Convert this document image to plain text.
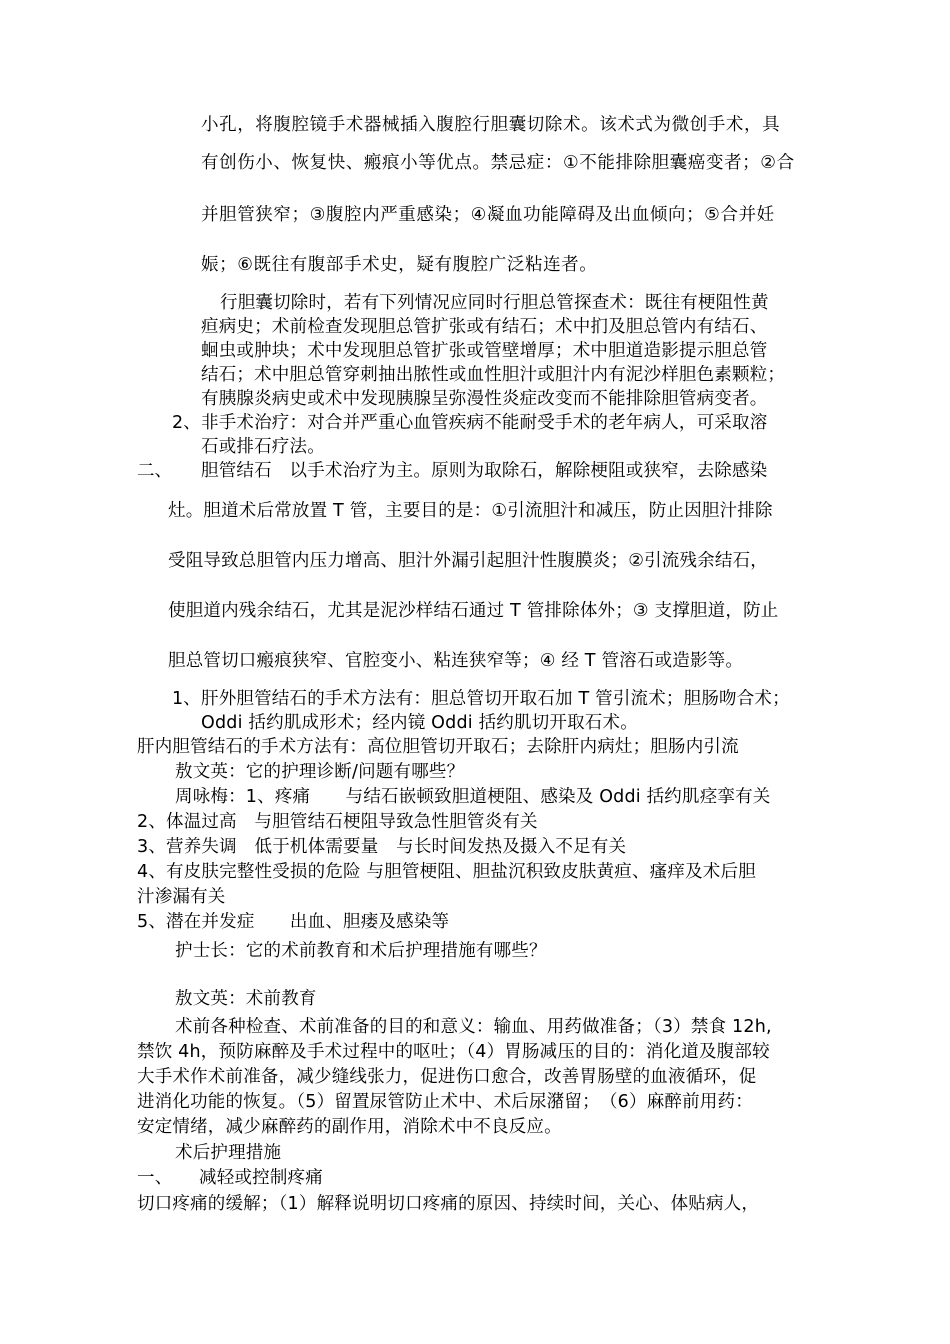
小孔，将腹腔镜手术器械插入腹腔行胆囊切除术。该术式为微创手术，具
有创伤小、恢复快、瘢痕小等优点。禁忌症：①不能排除胆囊癌变者；②合
并胆管狭窄；③腹腔内严重感染；④凝血功能障碍及出血倾向；⑤合并妊
娠；⑥既往有腹部手术史，疑有腹腔广泛粘连者。
行胆囊切除时，若有下列情况应同时行胆总管探查术：既往有梗阻性黄
疸病史；术前检查发现胆总管扩张或有结石；术中扪及胆总管内有结石、
蛔虫或肿块；术中发现胆总管扩张或管壁增厚；术中胆道造影提示胆总管
结石；术中胆总管穿刺抽出脓性或血性胆汁或胆汁内有泥沙样胆色素颗粒；
有胰腺炎病史或术中发现胰腺呈弥漫性炎症改变而不能排除胆管病变者。
2、 非手术治疗：对合并严重心血管疾病不能耐受手术的老年病人，可采取溶
石或排石疗法。
二、 胆管结石　以手术治疗为主。原则为取除石，解除梗阻或狭窄，去除感染
灶。胆道术后常放置 T 管，主要目的是：①引流胆汁和减压，防止因胆汁排除
受阻导致总胆管内压力增高、胆汁外漏引起胆汁性腹膜炎；②引流残余结石，
使胆道内残余结石，尤其是泥沙样结石通过 T 管排除体外；③ 支撑胆道，防止
胆总管切口瘢痕狭窄、官腔变小、粘连狭窄等；④ 经 T 管溶石或造影等。
1、 肝外胆管结石的手术方法有：胆总管切开取石加 T 管引流术；胆肠吻合术；
Oddi 括约肌成形术；经内镜 Oddi 括约肌切开取石术。
肝内胆管结石的手术方法有：高位胆管切开取石；去除肝内病灶；胆肠内引流
敖文英：它的护理诊断/问题有哪些？
周咏梅：1、疼痛　　与结石嵌顿致胆道梗阻、感染及 Oddi 括约肌痉挛有关
2、体温过高　与胆管结石梗阻导致急性胆管炎有关
3、营养失调　低于机体需要量　与长时间发热及摄入不足有关
4、有皮肤完整性受损的危险 与胆管梗阻、胆盐沉积致皮肤黄疸、瘙痒及术后胆
汁渗漏有关
5、潜在并发症　　出血、胆瘘及感染等
护士长：它的术前教育和术后护理措施有哪些？
敖文英：术前教育
术前各种检查、术前准备的目的和意义：输血、用药做准备；（3）禁食 12h,
禁饮 4h，预防麻醉及手术过程中的呕吐；（4）胃肠减压的目的：消化道及腹部较
大手术作术前准备，减少缝线张力，促进伤口愈合，改善胃肠壁的血液循环，促
进消化功能的恢复。（5）留置尿管防止术中、术后尿潴留；　（6）麻醉前用药：
安定情绪，减少麻醉药的副作用，消除术中不良反应。
术后护理措施
一、　　减轻或控制疼痛
切口疼痛的缓解；（1）解释说明切口疼痛的原因、持续时间，关心、体贴病人，
